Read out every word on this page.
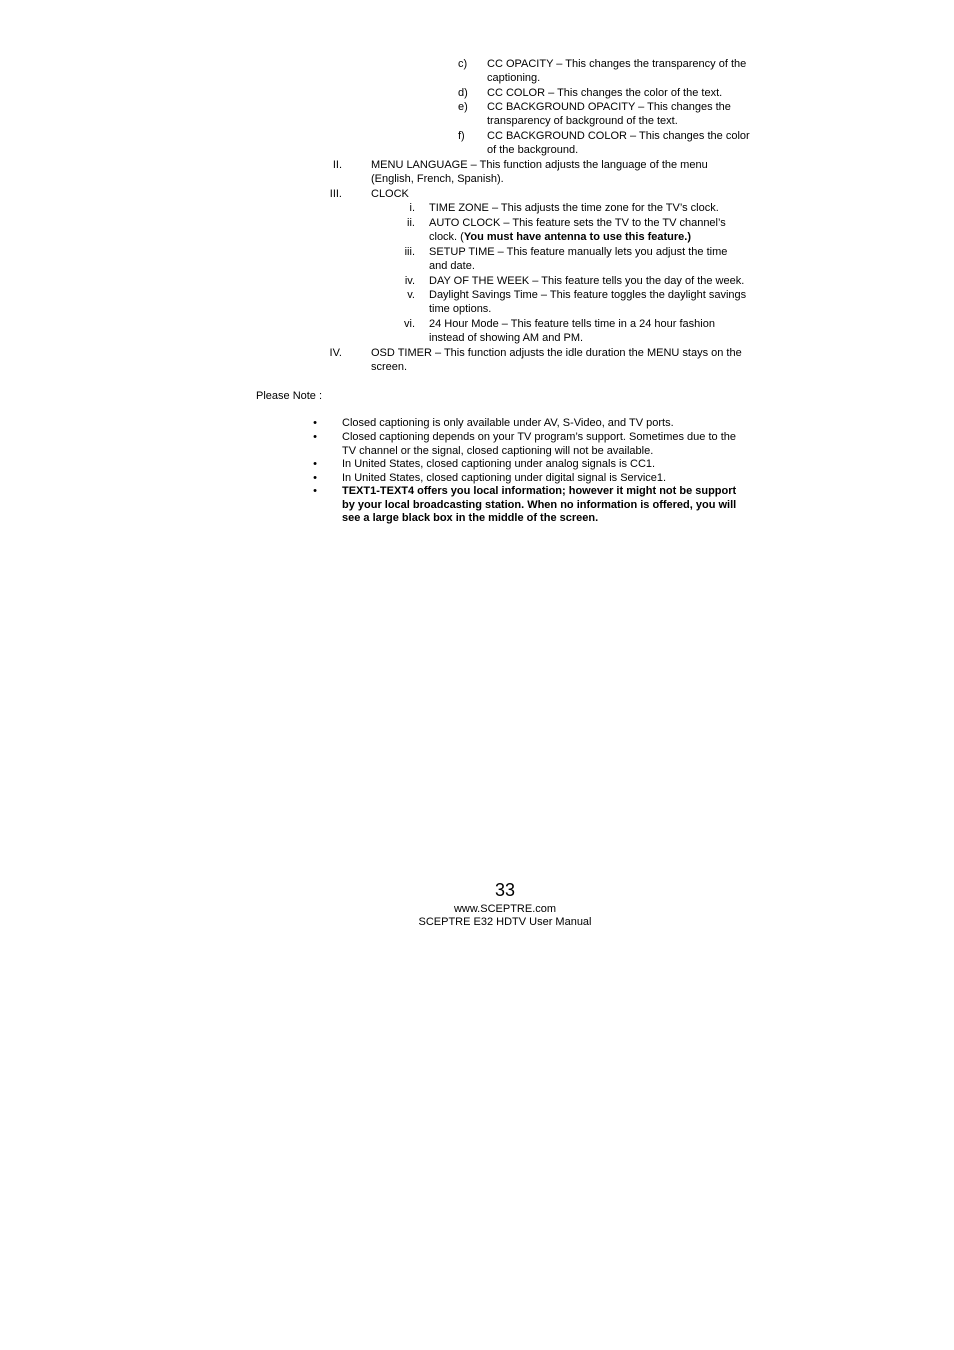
c) CC OPACITY – This changes the transparency of the captioning.
d) CC COLOR – This changes the color of the text.
e) CC BACKGROUND OPACITY – This changes the transparency of background of the text.
f) CC BACKGROUND COLOR – This changes the color of the background.
II.	MENU LANGUAGE – This function adjusts the language of the menu (English, French, Spanish).
III.	CLOCK
i. TIME ZONE – This adjusts the time zone for the TV’s clock.
ii. AUTO CLOCK – This feature sets the TV to the TV channel’s clock. (You must have antenna to use this feature.)
iii. SETUP TIME – This feature manually lets you adjust the time and date.
iv. DAY OF THE WEEK – This feature tells you the day of the week.
v. Daylight Savings Time – This feature toggles the daylight savings time options.
vi. 24 Hour Mode – This feature tells time in a 24 hour fashion instead of showing AM and PM.
IV.	OSD TIMER – This function adjusts the idle duration the MENU stays on the screen.
Please Note :
• Closed captioning is only available under AV, S-Video, and TV ports.
• Closed captioning depends on your TV program’s support. Sometimes due to the TV channel or the signal, closed captioning will not be available.
• In United States, closed captioning under analog signals is CC1.
• In United States, closed captioning under digital signal is Service1.
• TEXT1-TEXT4 offers you local information; however it might not be support by your local broadcasting station. When no information is offered, you will see a large black box in the middle of the screen.
33
www.SCEPTRE.com
SCEPTRE E32 HDTV User Manual
